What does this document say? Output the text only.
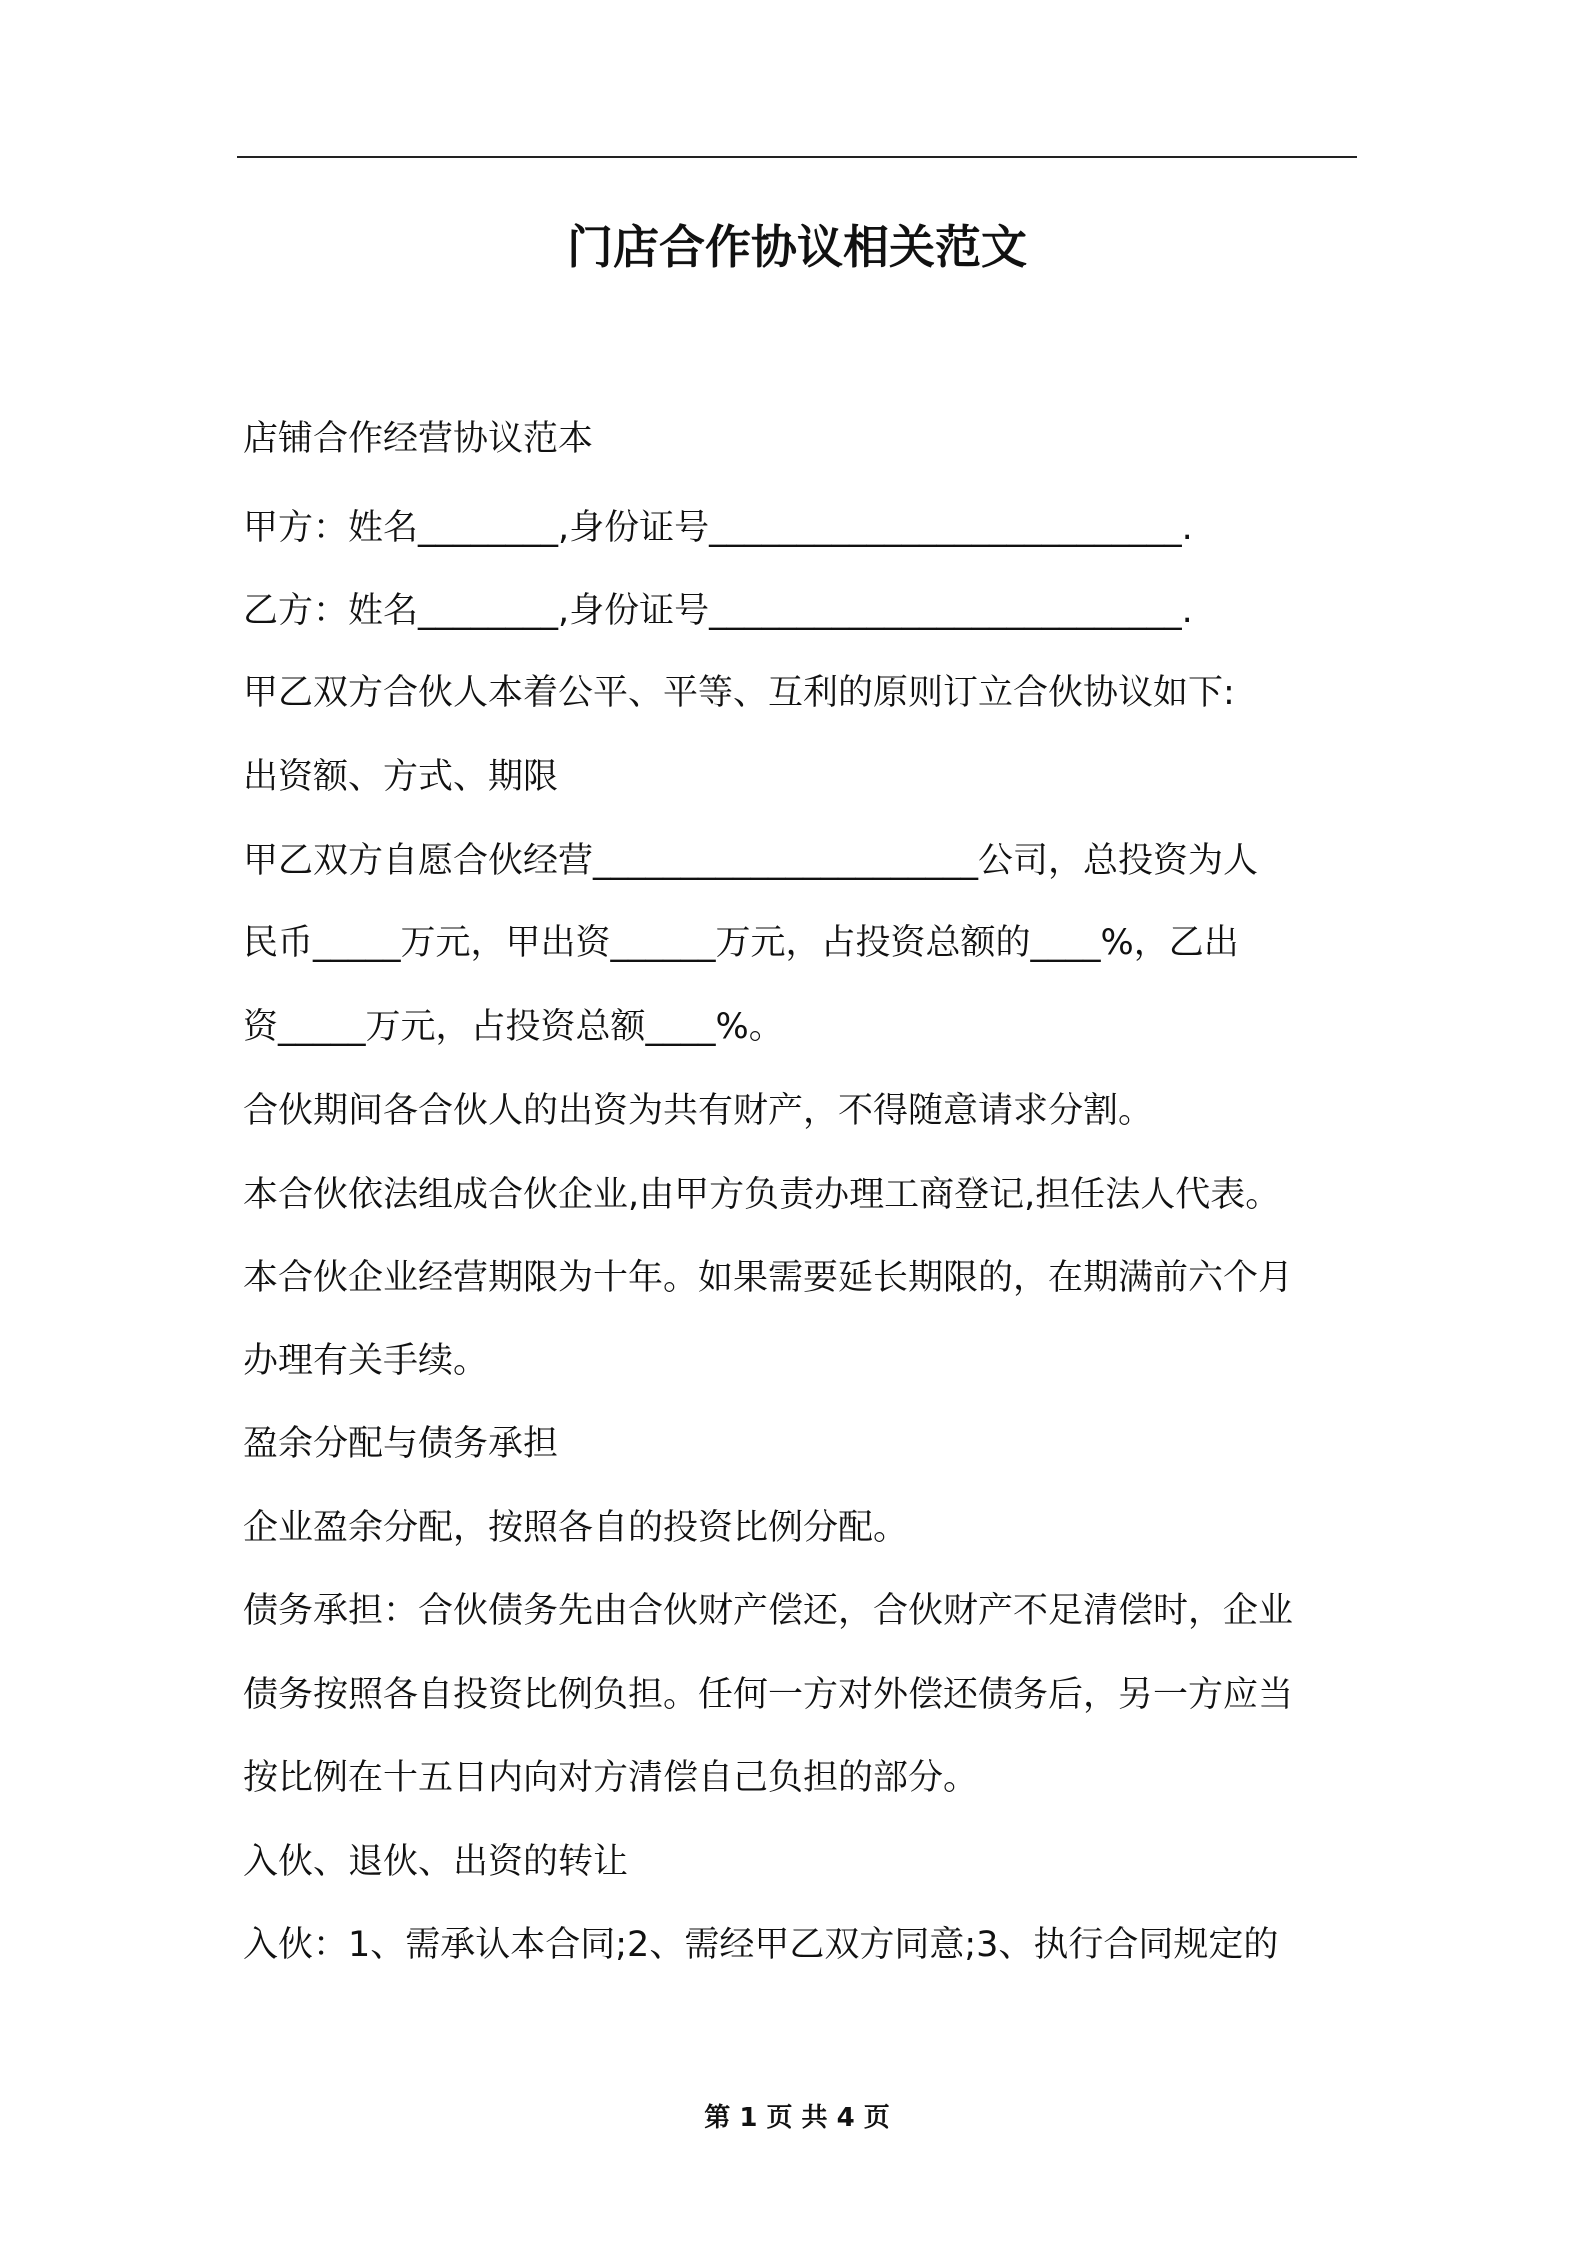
门店合作协议相关范文
店铺合作经营协议范本
甲方：姓名________,身份证号___________________________.
乙方：姓名________,身份证号___________________________.
甲乙双方合伙人本着公平、平等、互利的原则订立合伙协议如下:
出资额、方式、期限
甲乙双方自愿合伙经营______________________公司，总投资为人
民币_____万元，甲出资______万元，占投资总额的____%，乙出
资_____万元，占投资总额____%。
合伙期间各合伙人的出资为共有财产，不得随意请求分割。
本合伙依法组成合伙企业,由甲方负责办理工商登记,担任法人代表。
本合伙企业经营期限为十年。如果需要延长期限的，在期满前六个月
办理有关手续。
盈余分配与债务承担
企业盈余分配，按照各自的投资比例分配。
债务承担：合伙债务先由合伙财产偿还，合伙财产不足清偿时，企业
债务按照各自投资比例负担。任何一方对外偿还债务后，另一方应当
按比例在十五日内向对方清偿自己负担的部分。
入伙、退伙、出资的转让
入伙：1、需承认本合同;2、需经甲乙双方同意;3、执行合同规定的
第 1 页 共 4 页
